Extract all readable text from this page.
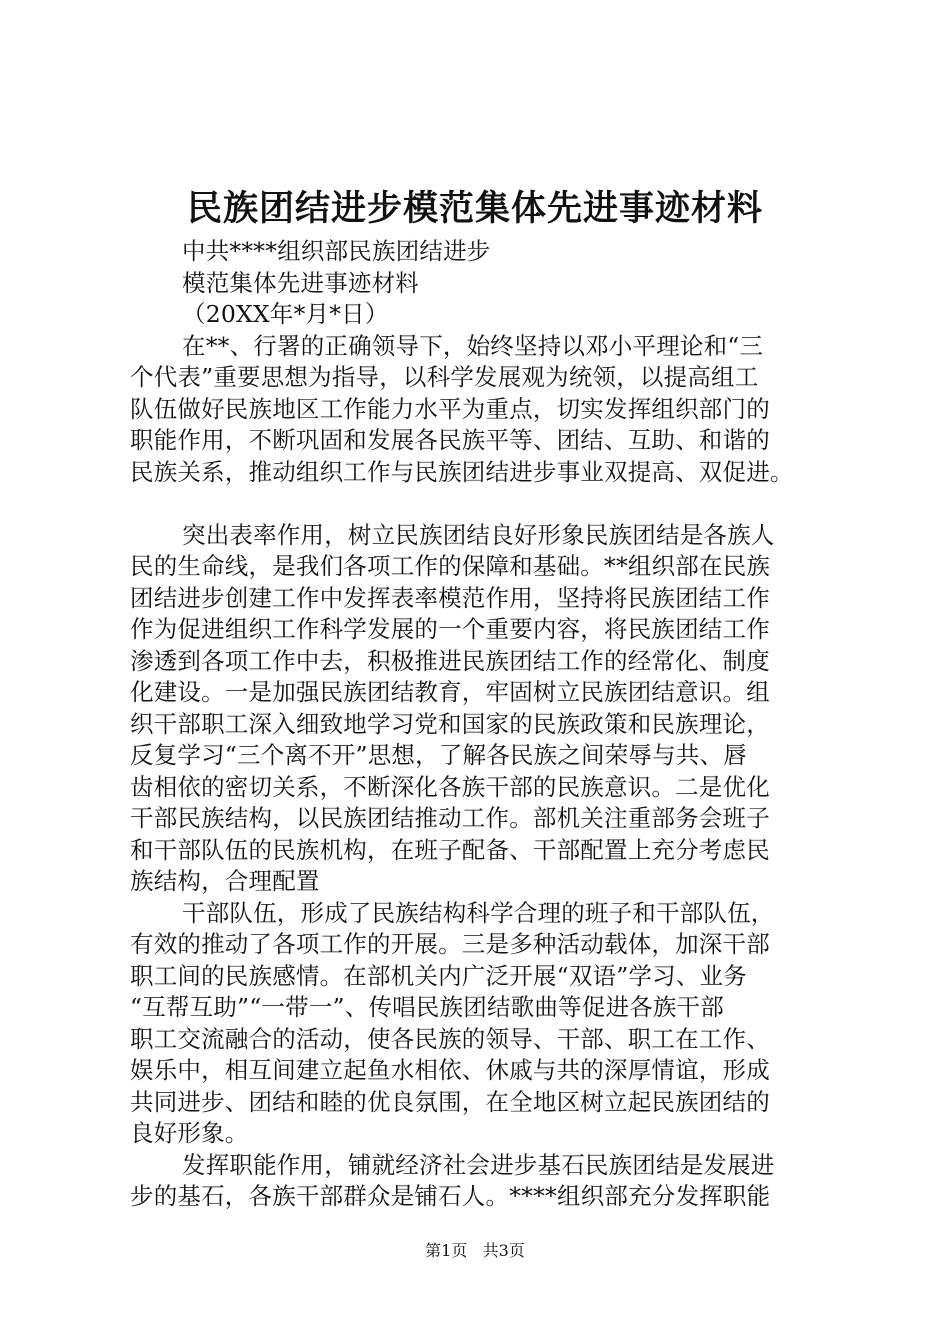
民族团结进步模范集体先进事迹材料
中共****组织部民族团结进步
模范集体先进事迹材料
（20XX年*月*日）
在**、行署的正确领导下，始终坚持以邓小平理论和“三
个代表”重要思想为指导，以科学发展观为统领，以提高组工
队伍做好民族地区工作能力水平为重点，切实发挥组织部门的
职能作用，不断巩固和发展各民族平等、团结、互助、和谐的
民族关系，推动组织工作与民族团结进步事业双提高、双促进。
突出表率作用，树立民族团结良好形象民族团结是各族人
民的生命线，是我们各项工作的保障和基础。**组织部在民族
团结进步创建工作中发挥表率模范作用，坚持将民族团结工作
作为促进组织工作科学发展的一个重要内容，将民族团结工作
渗透到各项工作中去，积极推进民族团结工作的经常化、制度
化建设。一是加强民族团结教育，牢固树立民族团结意识。组
织干部职工深入细致地学习党和国家的民族政策和民族理论，
反复学习“三个离不开”思想，了解各民族之间荣辱与共、唇
齿相依的密切关系，不断深化各族干部的民族意识。二是优化
干部民族结构，以民族团结推动工作。部机关注重部务会班子
和干部队伍的民族机构，在班子配备、干部配置上充分考虑民
族结构，合理配置
干部队伍，形成了民族结构科学合理的班子和干部队伍，
有效的推动了各项工作的开展。三是多种活动载体，加深干部
职工间的民族感情。在部机关内广泛开展“双语”学习、业务
“互帮互助”“一带一”、传唱民族团结歌曲等促进各族干部
职工交流融合的活动，使各民族的领导、干部、职工在工作、
娱乐中，相互间建立起鱼水相依、休戚与共的深厚情谊，形成
共同进步、团结和睦的优良氛围，在全地区树立起民族团结的
良好形象。
发挥职能作用，铺就经济社会进步基石民族团结是发展进
步的基石，各族干部群众是铺石人。****组织部充分发挥职能
第1页 共3页
